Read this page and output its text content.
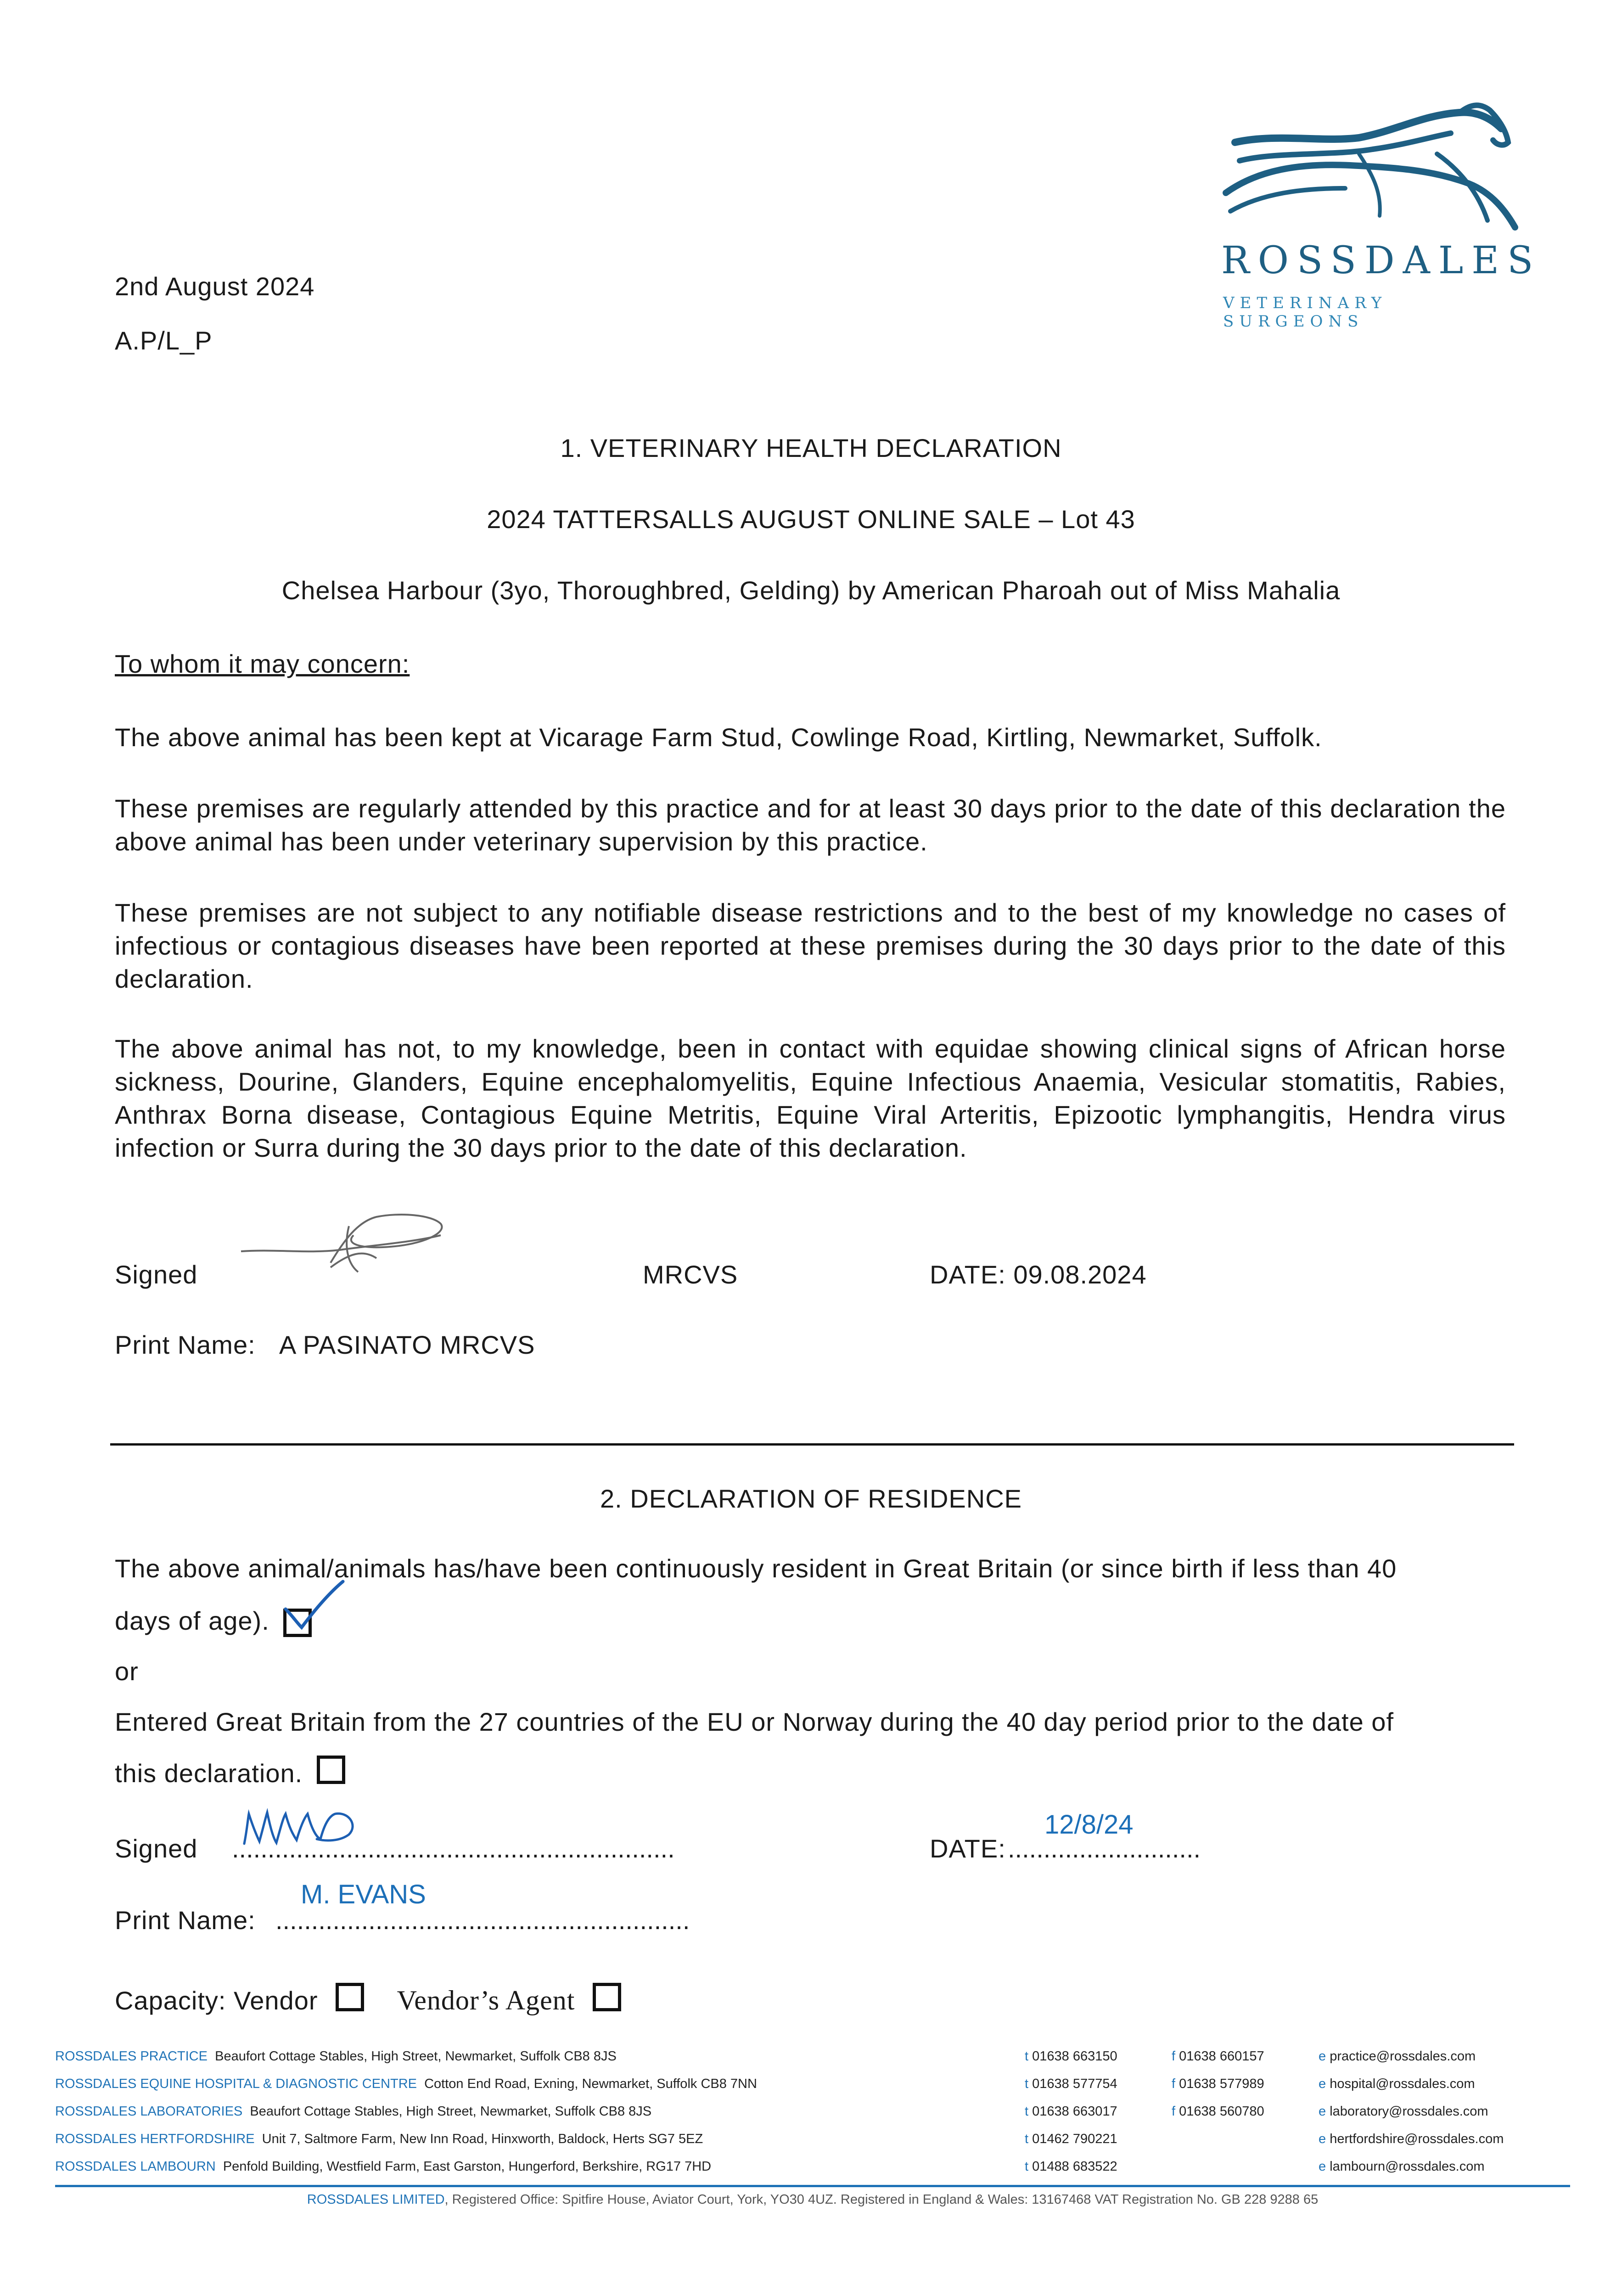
ROSSDALES
VETERINARY SURGEONS
2nd August 2024
A.P/L_P
1. VETERINARY HEALTH DECLARATION
2024 TATTERSALLS AUGUST ONLINE SALE – Lot 43
Chelsea Harbour (3yo, Thoroughbred, Gelding) by American Pharoah out of Miss Mahalia
To whom it may concern:
The above animal has been kept at Vicarage Farm Stud, Cowlinge Road, Kirtling, Newmarket, Suffolk.
These premises are regularly attended by this practice and for at least 30 days prior to the date of this declaration the above animal has been under veterinary supervision by this practice.
These premises are not subject to any notifiable disease restrictions and to the best of my knowledge no cases of infectious or contagious diseases have been reported at these premises during the 30 days prior to the date of this declaration.
The above animal has not, to my knowledge, been in contact with equidae showing clinical signs of African horse sickness, Dourine, Glanders, Equine encephalomyelitis, Equine Infectious Anaemia, Vesicular stomatitis, Rabies, Anthrax Borna disease, Contagious Equine Metritis, Equine Viral Arteritis, Epizootic lymphangitis, Hendra virus infection or Surra during the 30 days prior to the date of this declaration.
Signed	MRCVS	DATE: 09.08.2024
Print Name: A PASINATO MRCVS
2. DECLARATION OF RESIDENCE
The above animal/animals has/have been continuously resident in Great Britain (or since birth if less than 40
days of age).
or
Entered Great Britain from the 27 countries of the EU or Norway during the 40 day period prior to the date of
this declaration.
Signed ..............................................................	DATE: ...........................
12/8/24
Print Name: ..........................................................
M. EVANS
Capacity: Vendor	Vendor’s Agent
ROSSDALES PRACTICE Beaufort Cottage Stables, High Street, Newmarket, Suffolk CB8 8JS	t 01638 663150	f 01638 660157	e practice@rossdales.com
ROSSDALES EQUINE HOSPITAL & DIAGNOSTIC CENTRE Cotton End Road, Exning, Newmarket, Suffolk CB8 7NN	t 01638 577754	f 01638 577989	e hospital@rossdales.com
ROSSDALES LABORATORIES Beaufort Cottage Stables, High Street, Newmarket, Suffolk CB8 8JS	t 01638 663017	f 01638 560780	e laboratory@rossdales.com
ROSSDALES HERTFORDSHIRE Unit 7, Saltmore Farm, New Inn Road, Hinxworth, Baldock, Herts SG7 5EZ	t 01462 790221	e hertfordshire@rossdales.com
ROSSDALES LAMBOURN Penfold Building, Westfield Farm, East Garston, Hungerford, Berkshire, RG17 7HD	t 01488 683522	e lambourn@rossdales.com
ROSSDALES LIMITED, Registered Office: Spitfire House, Aviator Court, York, YO30 4UZ. Registered in England & Wales: 13167468 VAT Registration No. GB 228 9288 65
